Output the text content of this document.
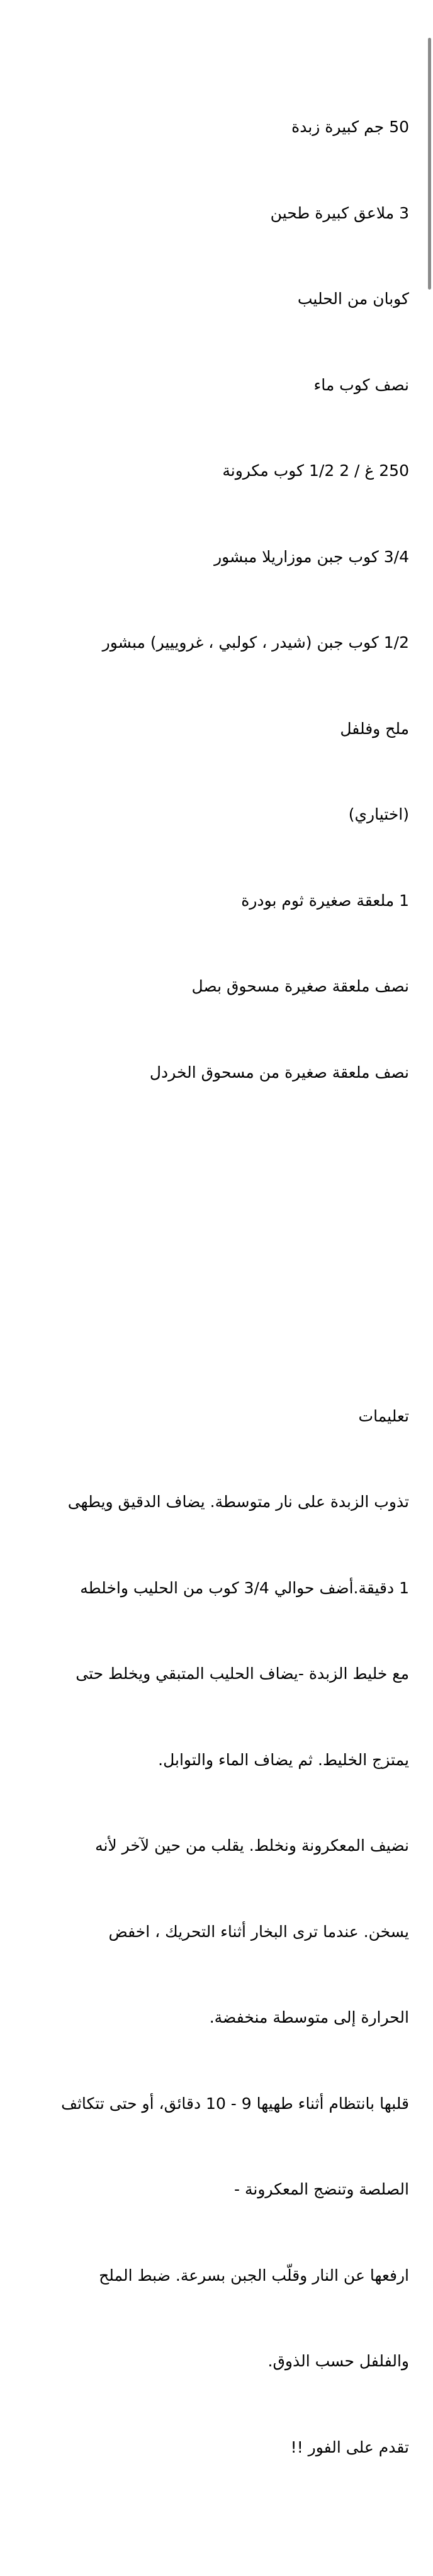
50 جم كبيرة زبدة

3 ملاعق كبيرة طحين

كوبان من الحليب

نصف كوب ماء

250 غ / 2 1/2 كوب مكرونة

3/4 كوب جبن موزاريلا مبشور

1/2 كوب جبن (شيدر ، كولبي ، غروييير) مبشور

ملح وفلفل

(اختياري)

1 ملعقة صغيرة ثوم بودرة

نصف ملعقة صغيرة مسحوق بصل

نصف ملعقة صغيرة من مسحوق الخردل

تعليمات

تذوب الزبدة على نار متوسطة. يضاف الدقيق ويطهى

1 دقيقة.أضف حوالي 3/4 كوب من الحليب واخلطه

مع خليط الزبدة -يضاف الحليب المتبقي ويخلط حتى

يمتزج الخليط. ثم يضاف الماء والتوابل.

نضيف المعكرونة ونخلط. يقلب من حين لآخر لأنه

يسخن. عندما ترى البخار أثناء التحريك ، اخفض

الحرارة إلى متوسطة منخفضة.

قلبها بانتظام أثناء طهيها 9 - 10 دقائق، أو حتى تتكاثف

الصلصة وتنضج المعكرونة -

ارفعها عن النار وقلّب الجبن بسرعة. ضبط الملح

والفلفل حسب الذوق.

تقدم على الفور !!
